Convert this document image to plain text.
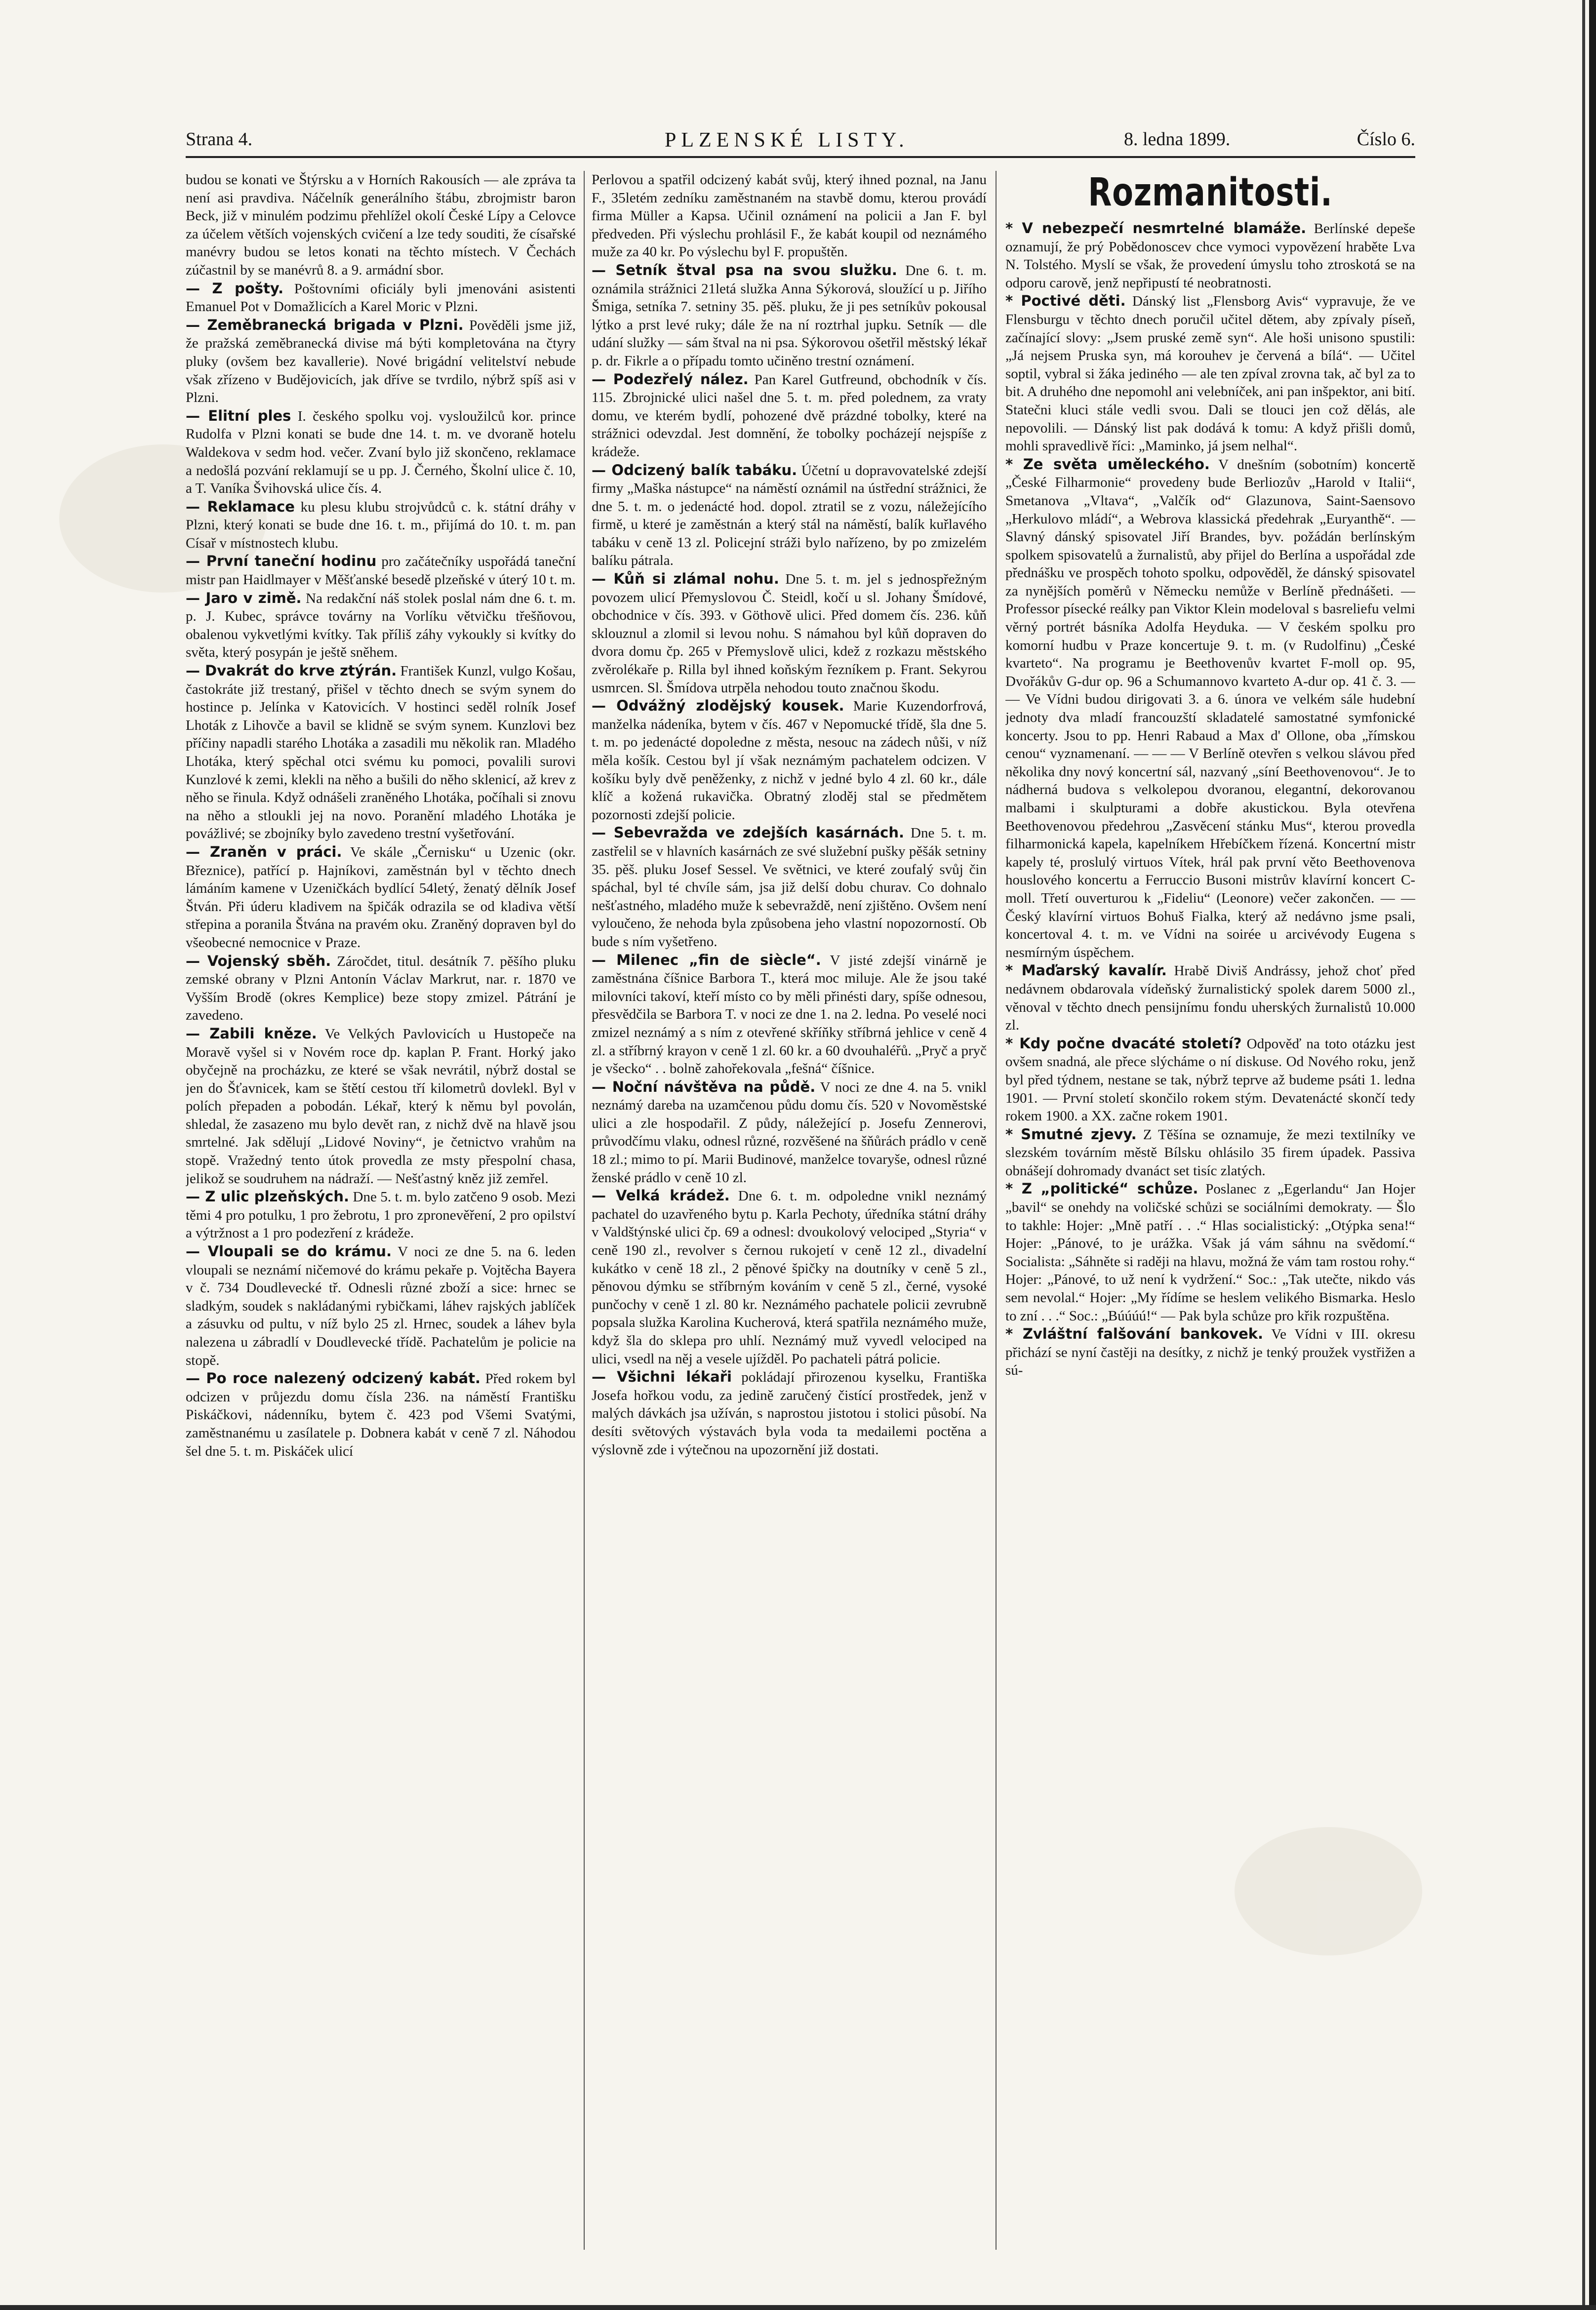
Strana 4.	PLZENSKÉ LISTY.	8. ledna 1899.	Číslo 6.

budou se konati ve Štýrsku a v Horních Rakousích — ale zpráva ta není asi pravdiva. Náčelník generálního štábu, zbrojmistr baron Beck, již v minulém podzimu přehlížel okolí České Lípy a Celovce za účelem větších vojenských cvičení a lze tedy souditi, že císařské manévry budou se letos konati na těchto místech. V Čechách zúčastnil by se manévrů 8. a 9. armádní sbor.

— Z pošty. Poštovními oficiály byli jmenováni asistenti Emanuel Pot v Domažlicích a Karel Moric v Plzni.

— Zeměbranecká brigada v Plzni. Pověděli jsme již, že pražská zeměbranecká divise má býti kompletována na čtyry pluky (ovšem bez kavallerie). Nové brigádní velitelství nebude však zřízeno v Budějovicích, jak dříve se tvrdilo, nýbrž spíš asi v Plzni.

— Elitní ples I. českého spolku voj. vysloužilců kor. prince Rudolfa v Plzni konati se bude dne 14. t. m. ve dvoraně hotelu Waldekova v sedm hod. večer. Zvaní bylo již skončeno, reklamace a nedošlá pozvání reklamují se u pp. J. Černého, Školní ulice č. 10, a T. Vaníka Švihovská ulice čís. 4.

— Reklamace ku plesu klubu strojvůdců c. k. státní dráhy v Plzni, který konati se bude dne 16. t. m., přijímá do 10. t. m. pan Císař v místnostech klubu.

— První taneční hodinu pro začátečníky uspořádá taneční mistr pan Haidlmayer v Měšťanské besedě plzeňské v úterý 10 t. m.

— Jaro v zimě. Na redakční náš stolek poslal nám dne 6. t. m. p. J. Kubec, správce továrny na Vorlíku větvičku třešňovou, obalenou vykvetlými kvítky. Tak příliš záhy vykoukly si kvítky do světa, který posypán je ještě sněhem.

— Dvakrát do krve ztýrán. František Kunzl, vulgo Košau, častokráte již trestaný, přišel v těchto dnech se svým synem do hostince p. Jelínka v Katovicích. V hostinci seděl rolník Josef Lhoták z Lihovče a bavil se klidně se svým synem. Kunzlovi bez příčiny napadli starého Lhotáka a zasadili mu několik ran. Mladého Lhotáka, který spěchal otci svému ku pomoci, povalili surovi Kunzlové k zemi, klekli na něho a bušili do něho sklenicí, až krev z něho se řinula. Když odnášeli zraněného Lhotáka, počíhali si znovu na něho a stloukli jej na novo. Poranění mladého Lhotáka je povážlivé; se zbojníky bylo zavedeno trestní vyšetřování.

— Zraněn v práci. Ve skále „Černisku“ u Uzenic (okr. Březnice), patřící p. Hajníkovi, zaměstnán byl v těchto dnech lámáním kamene v Uzeničkách bydlící 54letý, ženatý dělník Josef Štván. Při úderu kladivem na špičák odrazila se od kladiva větší střepina a poranila Štvána na pravém oku. Zraněný dopraven byl do všeobecné nemocnice v Praze.

— Vojenský sběh. Záročdet, titul. desátník 7. pěšího pluku zemské obrany v Plzni Antonín Václav Markrut, nar. r. 1870 ve Vyšším Brodě (okres Kemplice) beze stopy zmizel. Pátrání je zavedeno.

— Zabili kněze. Ve Velkých Pavlovicích u Hustopeče na Moravě vyšel si v Novém roce dp. kaplan P. Frant. Horký jako obyčejně na procházku, ze které se však nevrátil, nýbrž dostal se jen do Šťavnicek, kam se štětí cestou tří kilometrů dovlekl. Byl v polích přepaden a pobodán. Lékař, který k němu byl povolán, shledal, že zasazeno mu bylo devět ran, z nichž dvě na hlavě jsou smrtelné. Jak sdělují „Lidové Noviny“, je četnictvo vrahům na stopě. Vražedný tento útok provedla ze msty přespolní chasa, jelikož se soudruhem na nádraží. — Nešťastný kněz již zemřel.

— Z ulic plzeňských. Dne 5. t. m. bylo zatčeno 9 osob. Mezi těmi 4 pro potulku, 1 pro žebrotu, 1 pro zpronevěření, 2 pro opilství a výtržnost a 1 pro podezření z krádeže.

— Vloupali se do krámu. V noci ze dne 5. na 6. leden vloupali se neznámí ničemové do krámu pekaře p. Vojtěcha Bayera v č. 734 Doudlevecké tř. Odnesli různé zboží a sice: hrnec se sladkým, soudek s nakládanými rybičkami, láhev rajských jablíček a zásuvku od pultu, v níž bylo 25 zl. Hrnec, soudek a láhev byla nalezena u zábradlí v Doudlevecké třídě. Pachatelům je policie na stopě.

— Po roce nalezený odcizený kabát. Před rokem byl odcizen v průjezdu domu čísla 236. na náměstí Františku Piskáčkovi, nádenníku, bytem č. 423 pod Všemi Svatými, zaměstnanému u zasílatele p. Dobnera kabát v ceně 7 zl. Náhodou šel dne 5. t. m. Piskáček ulicí

Perlovou a spatřil odcizený kabát svůj, který ihned poznal, na Janu F., 35letém zedníku zaměstnaném na stavbě domu, kterou provádí firma Müller a Kapsa. Učinil oznámení na policii a Jan F. byl předveden. Při výslechu prohlásil F., že kabát koupil od neznámého muže za 40 kr. Po výslechu byl F. propuštěn.

— Setník štval psa na svou služku. Dne 6. t. m. oznámila strážnici 21letá služka Anna Sýkorová, sloužící u p. Jiřího Šmiga, setníka 7. setniny 35. pěš. pluku, že ji pes setníkův pokousal lýtko a prst levé ruky; dále že na ní roztrhal jupku. Setník — dle udání služky — sám štval na ni psa. Sýkorovou ošetřil městský lékař p. dr. Fikrle a o případu tomto učiněno trestní oznámení.

— Podezřelý nález. Pan Karel Gutfreund, obchodník v čís. 115. Zbrojnické ulici našel dne 5. t. m. před polednem, za vraty domu, ve kterém bydlí, pohozené dvě prázdné tobolky, které na strážnici odevzdal. Jest domnění, že tobolky pocházejí nejspíše z krádeže.

— Odcizený balík tabáku. Účetní u dopravovatelské zdejší firmy „Maška nástupce“ na náměstí oznámil na ústřední strážnici, že dne 5. t. m. o jedenácté hod. dopol. ztratil se z vozu, náležejícího firmě, u které je zaměstnán a který stál na náměstí, balík kuřlavého tabáku v ceně 13 zl. Policejní stráži bylo nařízeno, by po zmizelém balíku pátrala.

— Kůň si zlámal nohu. Dne 5. t. m. jel s jednospřežným povozem ulicí Přemyslovou Č. Steidl, kočí u sl. Johany Šmídové, obchodnice v čís. 393. v Göthově ulici. Před domem čís. 236. kůň sklouznul a zlomil si levou nohu. S námahou byl kůň dopraven do dvora domu čp. 265 v Přemyslově ulici, kdež z rozkazu městského zvěrolékaře p. Rilla byl ihned koňským řezníkem p. Frant. Sekyrou usmrcen. Sl. Šmídova utrpěla nehodou touto značnou škodu.

— Odvážný zlodějský kousek. Marie Kuzendorfrová, manželka nádeníka, bytem v čís. 467 v Nepomucké třídě, šla dne 5. t. m. po jedenácté dopoledne z města, nesouc na zádech nůši, v níž měla košík. Cestou byl jí však neznámým pachatelem odcizen. V košíku byly dvě peněženky, z nichž v jedné bylo 4 zl. 60 kr., dále klíč a kožená rukavička. Obratný zloděj stal se předmětem pozornosti zdejší policie.

— Sebevražda ve zdejších kasárnách. Dne 5. t. m. zastřelil se v hlavních kasárnách ze své služební pušky pěšák setniny 35. pěš. pluku Josef Sessel. Ve světnici, ve které zoufalý svůj čin spáchal, byl té chvíle sám, jsa již delší dobu churav. Co dohnalo nešťastného, mladého muže k sebevraždě, není zjištěno. Ovšem není vyloučeno, že nehoda byla způsobena jeho vlastní nopozorností. Ob bude s ním vyšetřeno.

— Milenec „fin de siècle“. V jisté zdejší vinárně je zaměstnána číšnice Barbora T., která moc miluje. Ale že jsou také milovníci takoví, kteří místo co by měli přinésti dary, spíše odnesou, přesvědčila se Barbora T. v noci ze dne 1. na 2. ledna. Po veselé noci zmizel neznámý a s ním z otevřené skříňky stříbrná jehlice v ceně 4 zl. a stříbrný krayon v ceně 1 zl. 60 kr. a 60 dvouhaléřů. „Pryč a pryč je všecko“ . . bolně zahořekovala „fešná“ číšnice.

— Noční návštěva na půdě. V noci ze dne 4. na 5. vnikl neznámý dareba na uzamčenou půdu domu čís. 520 v Novoměstské ulici a zle hospodařil. Z půdy, náležející p. Josefu Zennerovi, průvodčímu vlaku, odnesl různé, rozvěšené na šňůrách prádlo v ceně 18 zl.; mimo to pí. Marii Budinové, manželce tovaryše, odnesl různé ženské prádlo v ceně 10 zl.

— Velká krádež. Dne 6. t. m. odpoledne vnikl neznámý pachatel do uzavřeného bytu p. Karla Pechoty, úředníka státní dráhy v Valdštýnské ulici čp. 69 a odnesl: dvoukolový velociped „Styria“ v ceně 190 zl., revolver s černou rukojetí v ceně 12 zl., divadelní kukátko v ceně 18 zl., 2 pěnové špičky na doutníky v ceně 5 zl., pěnovou dýmku se stříbrným kováním v ceně 5 zl., černé, vysoké punčochy v ceně 1 zl. 80 kr. Neznámého pachatele policii zevrubně popsala služka Karolina Kucherová, která spatřila neznámého muže, když šla do sklepa pro uhlí. Neznámý muž vyvedl velociped na ulici, vsedl na něj a vesele ujížděl. Po pachateli pátrá policie.

— Všichni lékaři pokládají přirozenou kyselku, Františka Josefa hořkou vodu, za jedině zaručený čistící prostředek, jenž v malých dávkách jsa užíván, s naprostou jistotou i stolici působí. Na desíti světových výstavách byla voda ta medailemi poctěna a výslovně zde i výtečnou na upozornění již dostati.

Rozmanitosti.

* V nebezpečí nesmrtelné blamáže. Berlínské depeše oznamují, že prý Pobědonoscev chce vymoci vypovězení hraběte Lva N. Tolstého. Myslí se však, že provedení úmyslu toho ztroskotá se na odporu carově, jenž nepřipustí té neobratnosti.

* Poctivé děti. Dánský list „Flensborg Avis“ vypravuje, že ve Flensburgu v těchto dnech poručil učitel dětem, aby zpívaly píseň, začínající slovy: „Jsem pruské země syn“. Ale hoši unisono spustili: „Já nejsem Pruska syn, má korouhev je červená a bílá“. — Učitel soptil, vybral si žáka jediného — ale ten zpíval zrovna tak, ač byl za to bit. A druhého dne nepomohl ani velebníček, ani pan inšpektor, ani bití. Statečni kluci stále vedli svou. Dali se tlouci jen což dělás, ale nepovolili. — Dánský list pak dodává k tomu: A když přišli domů, mohli spravedlivě říci: „Maminko, já jsem nelhal“.

* Ze světa uměleckého. V dnešním (sobotním) koncertě „České Filharmonie“ provedeny bude Berliozův „Harold v Italii“, Smetanova „Vltava“, „Valčík od“ Glazunova, Saint-Saensovo „Herkulovo mládí“, a Webrova klassická předehrak „Euryanthě“. — Slavný dánský spisovatel Jiří Brandes, byv. požádán berlínským spolkem spisovatelů a žurnalistů, aby přijel do Berlína a uspořádal zde přednášku ve prospěch tohoto spolku, odpověděl, že dánský spisovatel za nynějších poměrů v Německu nemůže v Berlíně přednášeti. — Professor písecké reálky pan Viktor Klein modeloval s basreliefu velmi věrný portrét básníka Adolfa Heyduka. — V českém spolku pro komorní hudbu v Praze koncertuje 9. t. m. (v Rudolfinu) „České kvarteto“. Na programu je Beethovenův kvartet F-moll op. 95, Dvořákův G-dur op. 96 a Schumannovo kvarteto A-dur op. 41 č. 3. — — Ve Vídni budou dirigovati 3. a 6. února ve velkém sále hudební jednoty dva mladí francouzští skladatelé samostatné symfonické koncerty. Jsou to pp. Henri Rabaud a Max d' Ollone, oba „římskou cenou“ vyznamenaní. — — — V Berlíně otevřen s velkou slávou před několika dny nový koncertní sál, nazvaný „síní Beethovenovou“. Je to nádherná budova s velkolepou dvoranou, elegantní, dekorovanou malbami i skulpturami a dobře akustickou. Byla otevřena Beethovenovou předehrou „Zasvěcení stánku Mus“, kterou provedla filharmonická kapela, kapelníkem Hřebíčkem řízená. Koncertní mistr kapely té, proslulý virtuos Vítek, hrál pak první věto Beethovenova houslového koncertu a Ferruccio Busoni mistrův klavírní koncert C-moll. Třetí ouverturou k „Fideliu“ (Leonore) večer zakončen. — — Český klavírní virtuos Bohuš Fialka, který až nedávno jsme psali, koncertoval 4. t. m. ve Vídni na soirée u arcivévody Eugena s nesmírným úspěchem.

* Maďarský kavalír. Hrabě Diviš Andrássy, jehož choť před nedávnem obdarovala vídeňský žurnalistický spolek darem 5000 zl., věnoval v těchto dnech pensijnímu fondu uherských žurnalistů 10.000 zl.

* Kdy počne dvacáté století? Odpověď na toto otázku jest ovšem snadná, ale přece slýcháme o ní diskuse. Od Nového roku, jenž byl před týdnem, nestane se tak, nýbrž teprve až budeme psáti 1. ledna 1901. — První století skončilo rokem stým. Devatenácté skončí tedy rokem 1900. a XX. začne rokem 1901.

* Smutné zjevy. Z Těšína se oznamuje, že mezi textilníky ve slezském továrním městě Bílsku ohlásilo 35 firem úpadek. Passiva obnášejí dohromady dvanáct set tisíc zlatých.

* Z „politické“ schůze. Poslanec z „Egerlandu“ Jan Hojer „bavil“ se onehdy na voličské schůzi se sociálními demokraty. — Šlo to takhle: Hojer: „Mně patří . . .“ Hlas socialistický: „Otýpka sena!“ Hojer: „Pánové, to je urážka. Však já vám sáhnu na svědomí.“ Socialista: „Sáhněte si raději na hlavu, možná že vám tam rostou rohy.“ Hojer: „Pánové, to už není k vydržení.“ Soc.: „Tak utečte, nikdo vás sem nevolal.“ Hojer: „My řídíme se heslem velikého Bismarka. Heslo to zní . . .“ Soc.: „Búúúú!“ — Pak byla schůze pro křik rozpuštěna.

* Zvláštní falšování bankovek. Ve Vídni v III. okresu přichází se nyní častěji na desítky, z nichž je tenký proužek vystřižen a sú-
